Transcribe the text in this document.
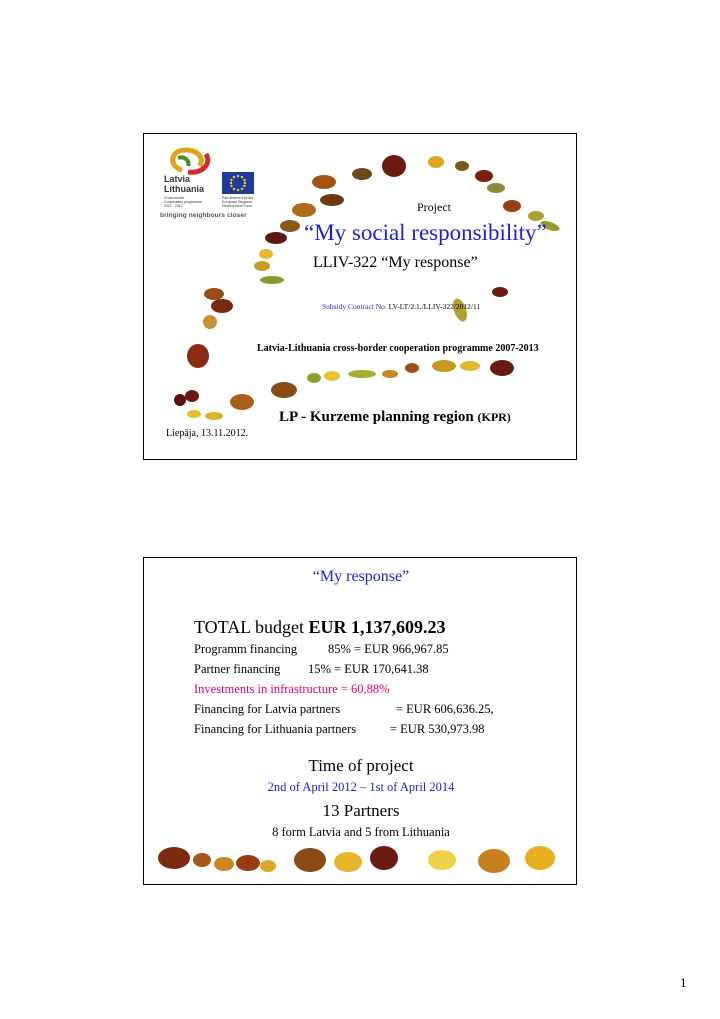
Latvia
Lithuania
Cross-border Cooperation programme 2007 - 2013
Part-financed by the European Regional Development Fund
bringing neighbours closer
Project
“My social responsibility”
LLIV-322 “My response”
Subsidy Contract No. LV-LT/2.1./LLIV-322/2012/11
Latvia-Lithuania cross-border cooperation programme 2007-2013
LP - Kurzeme planning region (KPR)
Liepāja, 13.11.2012.
“My response”
TOTAL budget EUR 1,137,609.23
Programm financing 85% = EUR 966,967.85
Partner financing 15% = EUR 170,641.38
Investments in infrastructure = 60,88%
Financing for Latvia partners	= EUR 606,636.25,
Financing for Lithuania partners	= EUR 530,973.98
Time of project
2nd of April 2012 – 1st of April 2014
13 Partners
8 form Latvia and 5 from Lithuania
1
